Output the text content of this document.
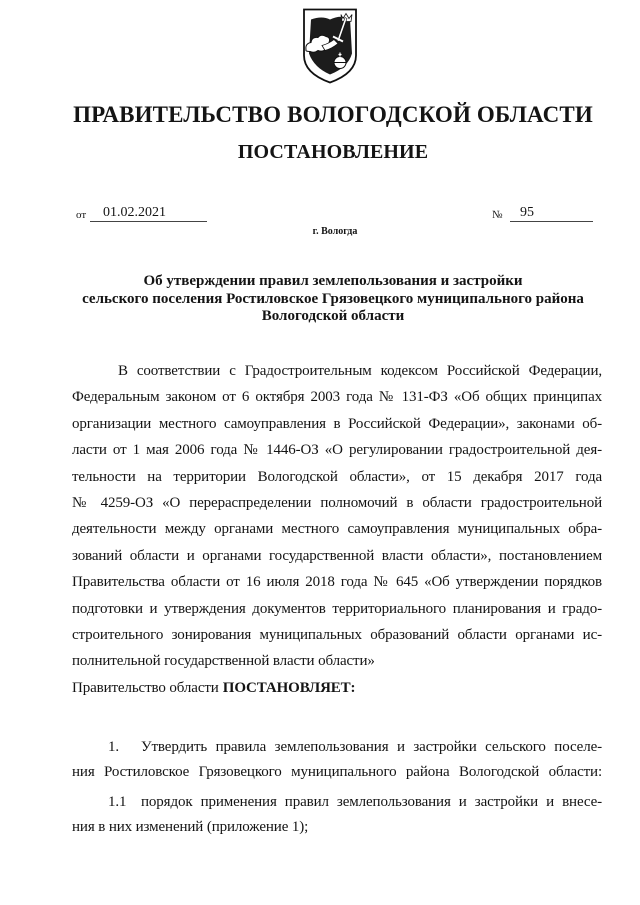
ПРАВИТЕЛЬСТВО ВОЛОГОДСКОЙ ОБЛАСТИ
ПОСТАНОВЛЕНИЕ
от	01.02.2021	№	95
г. Вологда
Об утверждении правил землепользования и застройки
сельского поселения Ростиловское Грязовецкого муниципального района
Вологодской области
В соответствии с Градостроительным кодексом Российской Федерации,
Федеральным законом от 6 октября 2003 года № 131-ФЗ «Об общих принципах
организации местного самоуправления в Российской Федерации», законами об-
ласти от 1 мая 2006 года № 1446-ОЗ «О регулировании градостроительной дея-
тельности на территории Вологодской области», от 15 декабря 2017 года
№ 4259-ОЗ «О перераспределении полномочий в области градостроительной
деятельности между органами местного самоуправления муниципальных обра-
зований области и органами государственной власти области», постановлением
Правительства области от 16 июля 2018 года № 645 «Об утверждении порядков
подготовки и утверждения документов территориального планирования и градо-
строительного зонирования муниципальных образований области органами ис-
полнительной государственной власти области»
Правительство области ПОСТАНОВЛЯЕТ:
1.	Утвердить правила землепользования и застройки сельского поселе-
ния Ростиловское Грязовецкого муниципального района Вологодской области:
1.1 порядок применения правил землепользования и застройки и внесе-
ния в них изменений (приложение 1);
